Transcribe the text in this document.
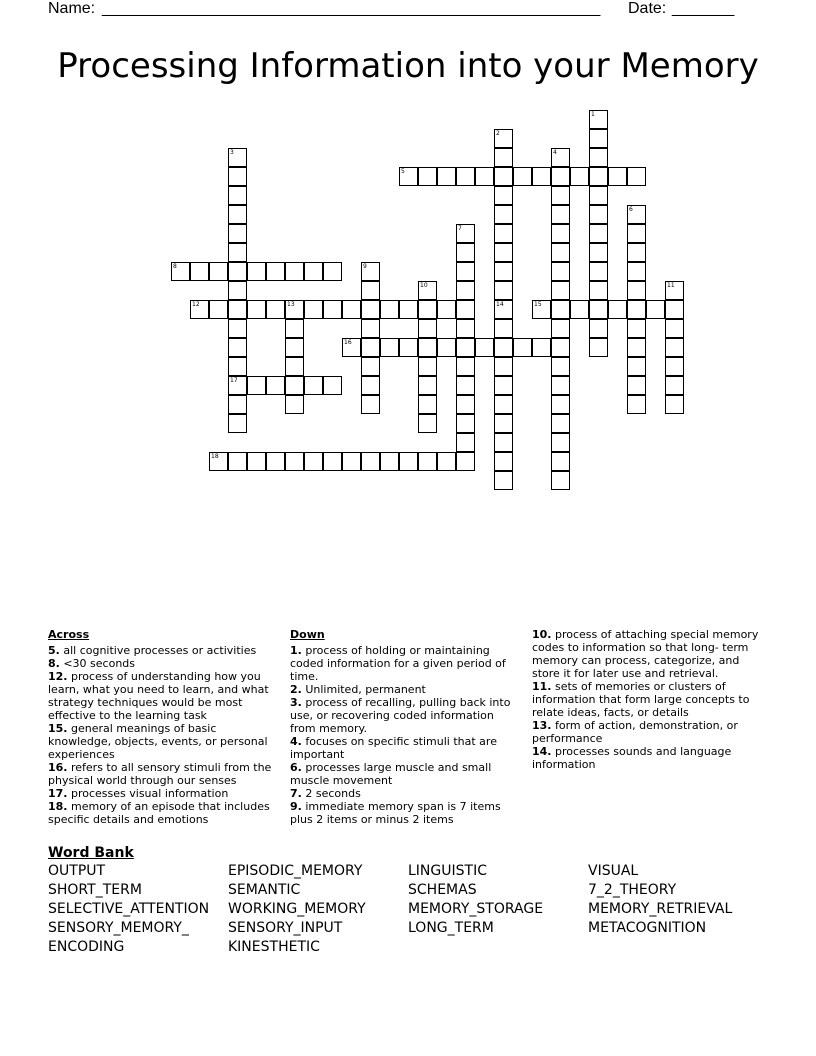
Name:

________________________________________________________

Date:

_______

Processing Information into your Memory
1
2
3
17
4
5
6
7
8	9
10	11
12	13	14	15
16
18
Across
5. all cognitive processes or activities
8. <30 seconds
12. process of understanding how you learn, what you need to learn, and what strategy techniques would be most effective to the learning task
15. general meanings of basic knowledge, objects, events, or personal experiences
16. refers to all sensory stimuli from the physical world through our senses
17. processes visual information
18. memory of an episode that includes specific details and emotions
Down
1. process of holding or maintaining coded information for a given period of time.
2. Unlimited, permanent
3. process of recalling, pulling back into use, or recovering coded information from memory.
4. focuses on specific stimuli that are important
6. processes large muscle and small muscle movement
7. 2 seconds
9. immediate memory span is 7 items plus 2 items or minus 2 items
10. process of attaching special memory codes to information so that long- term memory can process, categorize, and store it for later use and retrieval.
11. sets of memories or clusters of information that form large concepts to relate ideas, facts, or details
13. form of action, demonstration, or performance
14. processes sounds and language information
Word Bank
OUTPUT
SHORT_TERM
SELECTIVE_ATTENTION
SENSORY_MEMORY_
ENCODING
EPISODIC_MEMORY
SEMANTIC
WORKING_MEMORY
SENSORY_INPUT
KINESTHETIC
LINGUISTIC
SCHEMAS
MEMORY_STORAGE
LONG_TERM
VISUAL
7_2_THEORY
MEMORY_RETRIEVAL
METACOGNITION
